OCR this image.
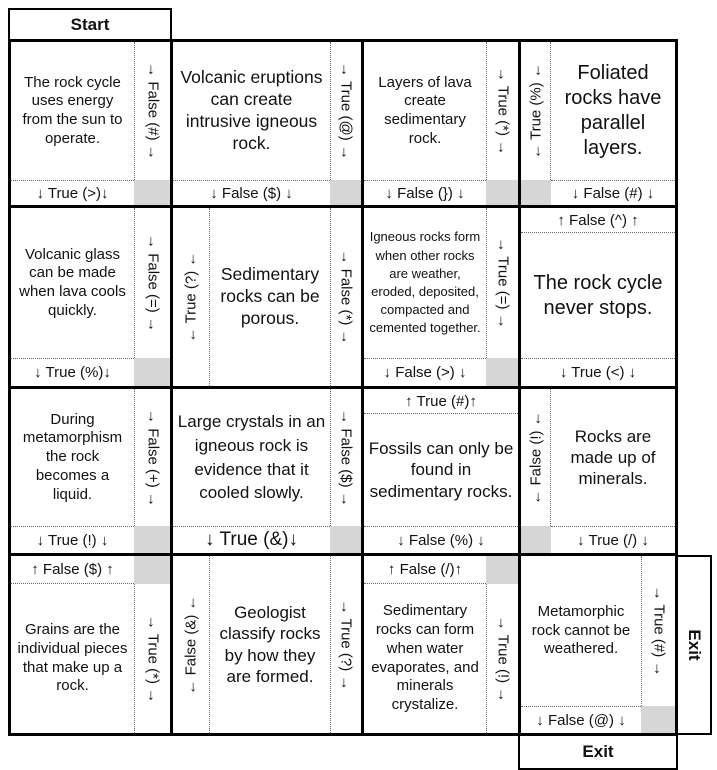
Start
Exit
Exit
The rock cycle uses energy from the sun to operate.	→ False (#) →
↓ True (>)↓
Volcanic eruptions can create intrusive igneous rock.	→ True (@) →
↓ False ($) ↓
Layers of lava create sedimentary rock.	→ True (*) →
↓ False (}) ↓
← True (%) ←	Foliated rocks have parallel layers.
↓ False (#) ↓
Volcanic glass can be made when lava cools quickly.	→ False (=) →
↓ True (%)↓
← True (?) ←	Sedimentary rocks can be porous.	→ False (*) →
Igneous rocks form when other rocks are weather, eroded, deposited, compacted and cemented together. → True (=) →
↓ False (>) ↓
↑ False (^) ↑
The rock cycle never stops.
↓ True (<) ↓
During metamorphism the rock becomes a liquid.	→ False (+) →
↓ True (!) ↓
Large crystals in an igneous rock is evidence that it cooled slowly.	→ False ($) →
↓ True (&)↓
↑ True (#)↑
Fossils can only be found in sedimentary rocks.
↓ False (%) ↓
← False (!) ←	Rocks are made up of minerals.
↓ True (/) ↓
↑ False ($) ↑
Grains are the individual pieces that make up a rock.	→ True (*) → ← False (&) ←	Geologist classify rocks by how they are formed.	→ True (?) →
↑ False (/)↑
Sedimentary rocks can form when water evaporates, and minerals crystalize.
→ True (!) →
Metamorphic rock cannot be weathered.	→ True (#) →
↓ False (@) ↓
